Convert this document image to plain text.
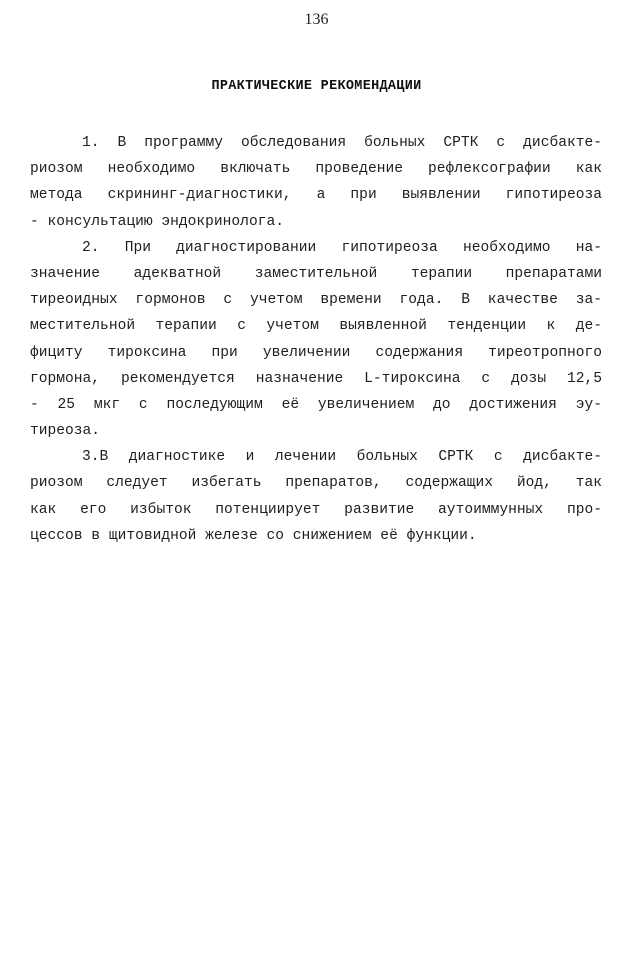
136
ПРАКТИЧЕСКИЕ РЕКОМЕНДАЦИИ
1. В программу обследования больных СРТК с дисбакте-
риозом необходимо включать проведение рефлексографии как
метода скрининг-диагностики, а при выявлении гипотиреоза
- консультацию эндокринолога.
2. При диагностировании гипотиреоза необходимо на-
значение адекватной заместительной терапии препаратами
тиреоидных гормонов с учетом времени года. В качестве за-
местительной терапии с учетом выявленной тенденции к де-
фициту тироксина при увеличении содержания тиреотропного
гормона, рекомендуется назначение L-тироксина с дозы 12,5
- 25 мкг с последующим её увеличением до достижения эу-
тиреоза.
3.В диагностике и лечении больных СРТК с дисбакте-
риозом следует избегать препаратов, содержащих йод, так
как его избыток потенциирует развитие аутоиммунных про-
цессов в щитовидной железе со снижением её функции.
